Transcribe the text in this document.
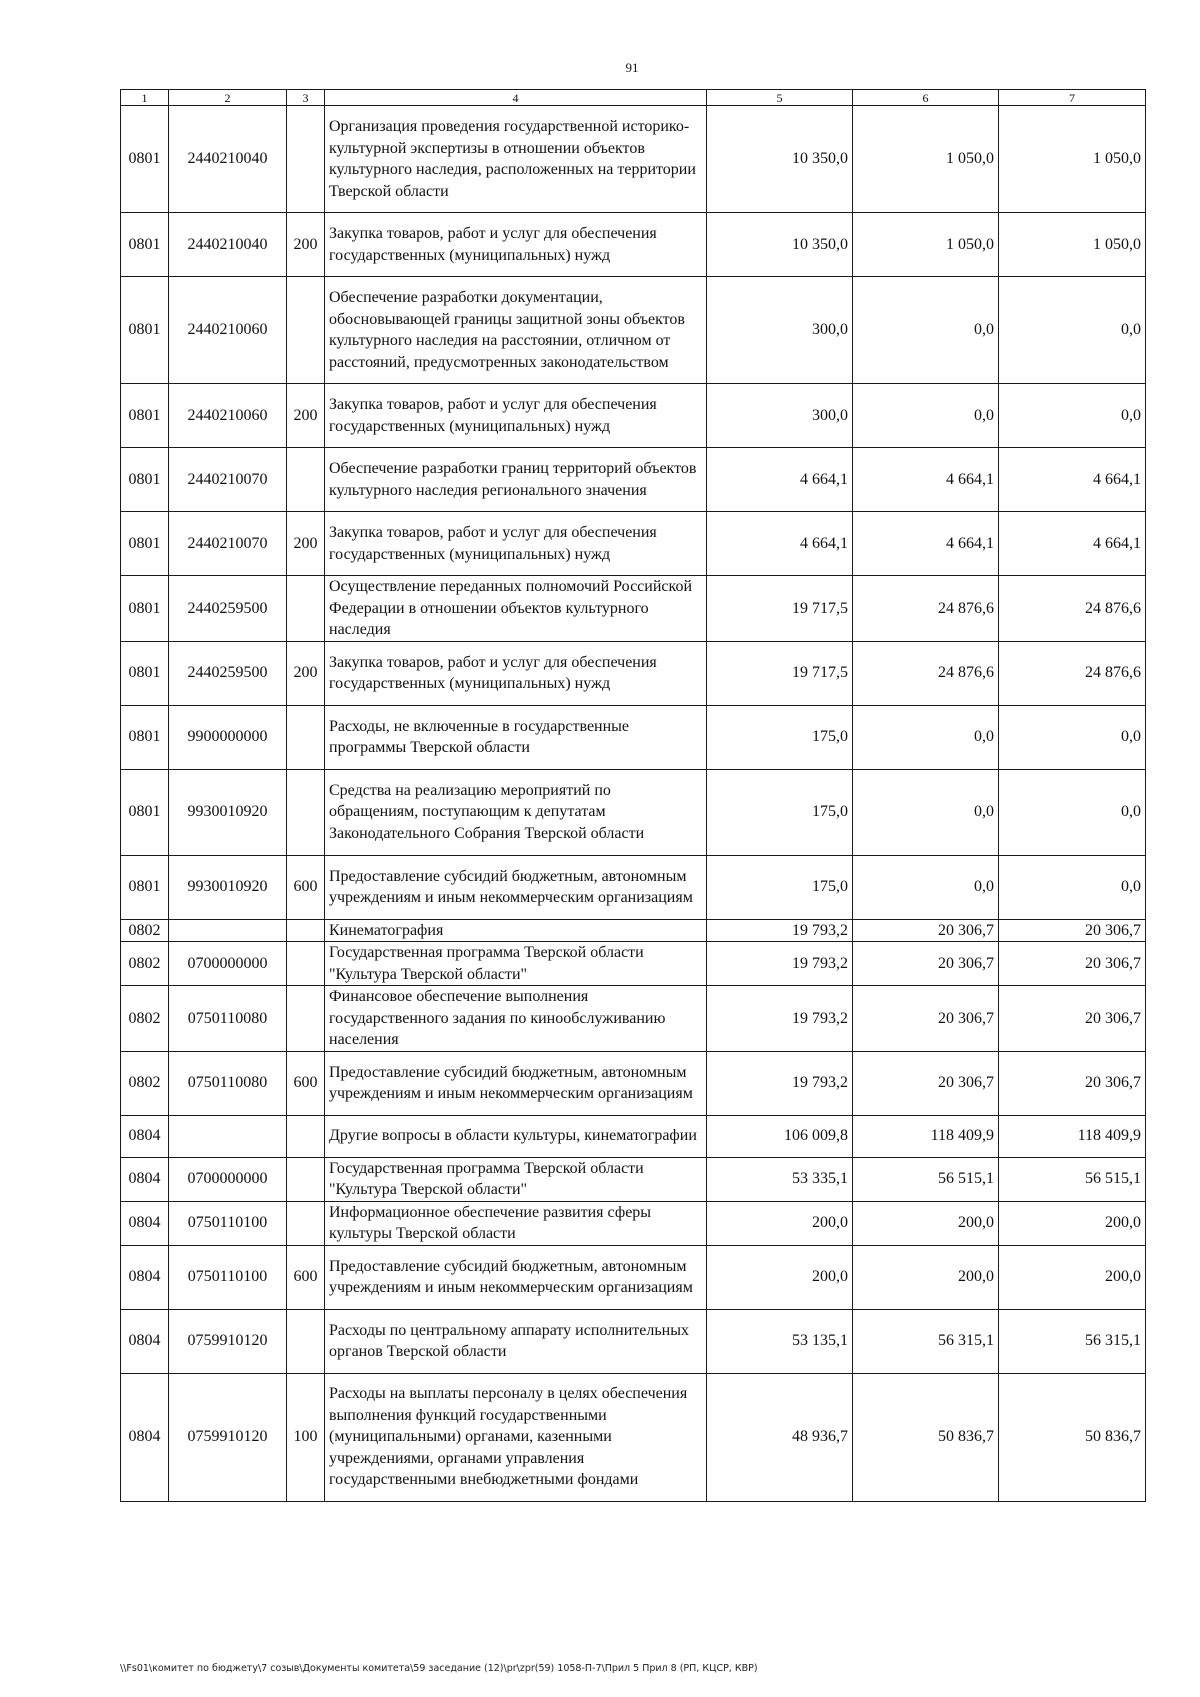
91
1	2	3	4	5	6	7
0801	2440210040		Организация проведения государственной историко-культурной экспертизы в отношении объектов культурного наследия, расположенных на территории Тверской области	10 350,0	1 050,0	1 050,0
0801	2440210040	200	Закупка товаров, работ и услуг для обеспечения государственных (муниципальных) нужд	10 350,0	1 050,0	1 050,0
0801	2440210060		Обеспечение разработки документации, обосновывающей границы защитной зоны объектов культурного наследия на расстоянии, отличном от расстояний, предусмотренных законодательством	300,0	0,0	0,0
0801	2440210060	200	Закупка товаров, работ и услуг для обеспечения государственных (муниципальных) нужд	300,0	0,0	0,0
0801	2440210070		Обеспечение разработки границ территорий объектов культурного наследия регионального значения	4 664,1	4 664,1	4 664,1
0801	2440210070	200	Закупка товаров, работ и услуг для обеспечения государственных (муниципальных) нужд	4 664,1	4 664,1	4 664,1
0801	2440259500		Осуществление переданных полномочий Российской Федерации в отношении объектов культурного наследия	19 717,5	24 876,6	24 876,6
0801	2440259500	200	Закупка товаров, работ и услуг для обеспечения государственных (муниципальных) нужд	19 717,5	24 876,6	24 876,6
0801	9900000000		Расходы, не включенные в государственные программы Тверской области	175,0	0,0	0,0
0801	9930010920		Средства на реализацию мероприятий по обращениям, поступающим к депутатам Законодательного Собрания Тверской области	175,0	0,0	0,0
0801	9930010920	600	Предоставление субсидий бюджетным, автономным учреждениям и иным некоммерческим организациям	175,0	0,0	0,0
0802			Кинематография	19 793,2	20 306,7	20 306,7
0802	0700000000		Государственная программа Тверской области "Культура Тверской области"	19 793,2	20 306,7	20 306,7
0802	0750110080		Финансовое обеспечение выполнения государственного задания по кинообслуживанию населения	19 793,2	20 306,7	20 306,7
0802	0750110080	600	Предоставление субсидий бюджетным, автономным учреждениям и иным некоммерческим организациям	19 793,2	20 306,7	20 306,7
0804			Другие вопросы в области культуры, кинематографии	106 009,8	118 409,9	118 409,9
0804	0700000000		Государственная программа Тверской области "Культура Тверской области"	53 335,1	56 515,1	56 515,1
0804	0750110100		Информационное обеспечение развития сферы культуры Тверской области	200,0	200,0	200,0
0804	0750110100	600	Предоставление субсидий бюджетным, автономным учреждениям и иным некоммерческим организациям	200,0	200,0	200,0
0804	0759910120		Расходы по центральному аппарату исполнительных органов Тверской области	53 135,1	56 315,1	56 315,1
0804	0759910120	100	Расходы на выплаты персоналу в целях обеспечения выполнения функций государственными (муниципальными) органами, казенными учреждениями, органами управления государственными внебюджетными фондами	48 936,7	50 836,7	50 836,7
\\Fs01\комитет по бюджету\7 созыв\Документы комитета\59 заседание (12)\pr\zpr(59) 1058-П-7\Прил 5 Прил 8 (РП, КЦСР, КВР)
